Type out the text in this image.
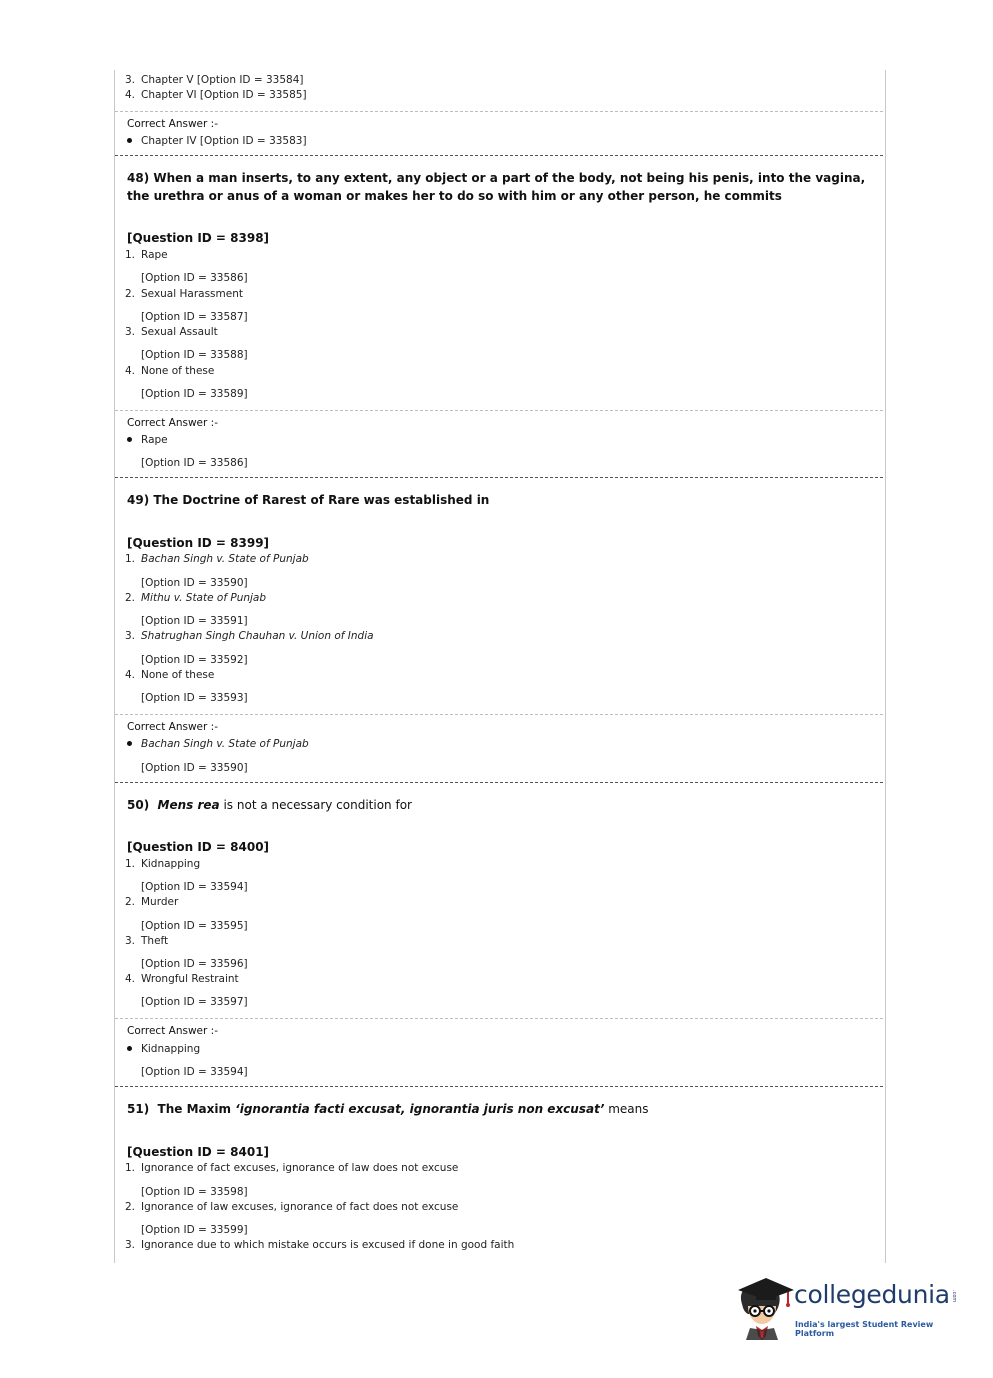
3. Chapter V [Option ID = 33584]
4. Chapter VI [Option ID = 33585]
Correct Answer :-
Chapter IV [Option ID = 33583]
48) When a man inserts, to any extent, any object or a part of the body, not being his penis, into the vagina, the urethra or anus of a woman or makes her to do so with him or any other person, he commits
[Question ID = 8398]
1. Rape
[Option ID = 33586]
2. Sexual Harassment
[Option ID = 33587]
3. Sexual Assault
[Option ID = 33588]
4. None of these
[Option ID = 33589]
Correct Answer :-
Rape
[Option ID = 33586]
49) The Doctrine of Rarest of Rare was established in
[Question ID = 8399]
1. Bachan Singh v. State of Punjab
[Option ID = 33590]
2. Mithu v. State of Punjab
[Option ID = 33591]
3. Shatrughan Singh Chauhan v. Union of India
[Option ID = 33592]
4. None of these
[Option ID = 33593]
Correct Answer :-
Bachan Singh v. State of Punjab
[Option ID = 33590]
50) Mens rea is not a necessary condition for
[Question ID = 8400]
1. Kidnapping
[Option ID = 33594]
2. Murder
[Option ID = 33595]
3. Theft
[Option ID = 33596]
4. Wrongful Restraint
[Option ID = 33597]
Correct Answer :-
Kidnapping
[Option ID = 33594]
51) The Maxim ‘ignorantia facti excusat, ignorantia juris non excusat’ means
[Question ID = 8401]
1. Ignorance of fact excuses, ignorance of law does not excuse
[Option ID = 33598]
2. Ignorance of law excuses, ignorance of fact does not excuse
[Option ID = 33599]
3. Ignorance due to which mistake occurs is excused if done in good faith
collegedunia .com
India's largest Student Review Platform
